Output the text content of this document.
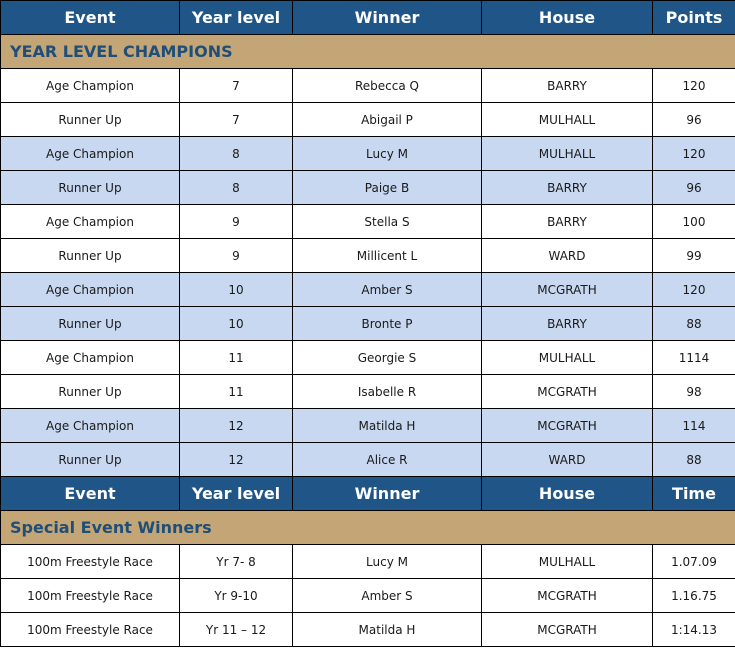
Event	Year level	Winner	House	Points
YEAR LEVEL CHAMPIONS				
Age Champion	7	Rebecca Q	BARRY	120
Runner Up	7	Abigail P	MULHALL	96
Age Champion	8	Lucy M	MULHALL	120
Runner Up	8	Paige B	BARRY	96
Age Champion	9	Stella S	BARRY	100
Runner Up	9	Millicent L	WARD	99
Age Champion	10	Amber S	MCGRATH	120
Runner Up	10	Bronte P	BARRY	88
Age Champion	11	Georgie S	MULHALL	1114
Runner Up	11	Isabelle R	MCGRATH	98
Age Champion	12	Matilda H	MCGRATH	114
Runner Up	12	Alice R	WARD	88
Event	Year level	Winner	House	Time
Special Event Winners				
100m Freestyle Race	Yr 7- 8	Lucy M	MULHALL	1.07.09
100m Freestyle Race	Yr 9-10	Amber S	MCGRATH	1.16.75
100m Freestyle Race	Yr 11 – 12	Matilda H	MCGRATH	1:14.13
